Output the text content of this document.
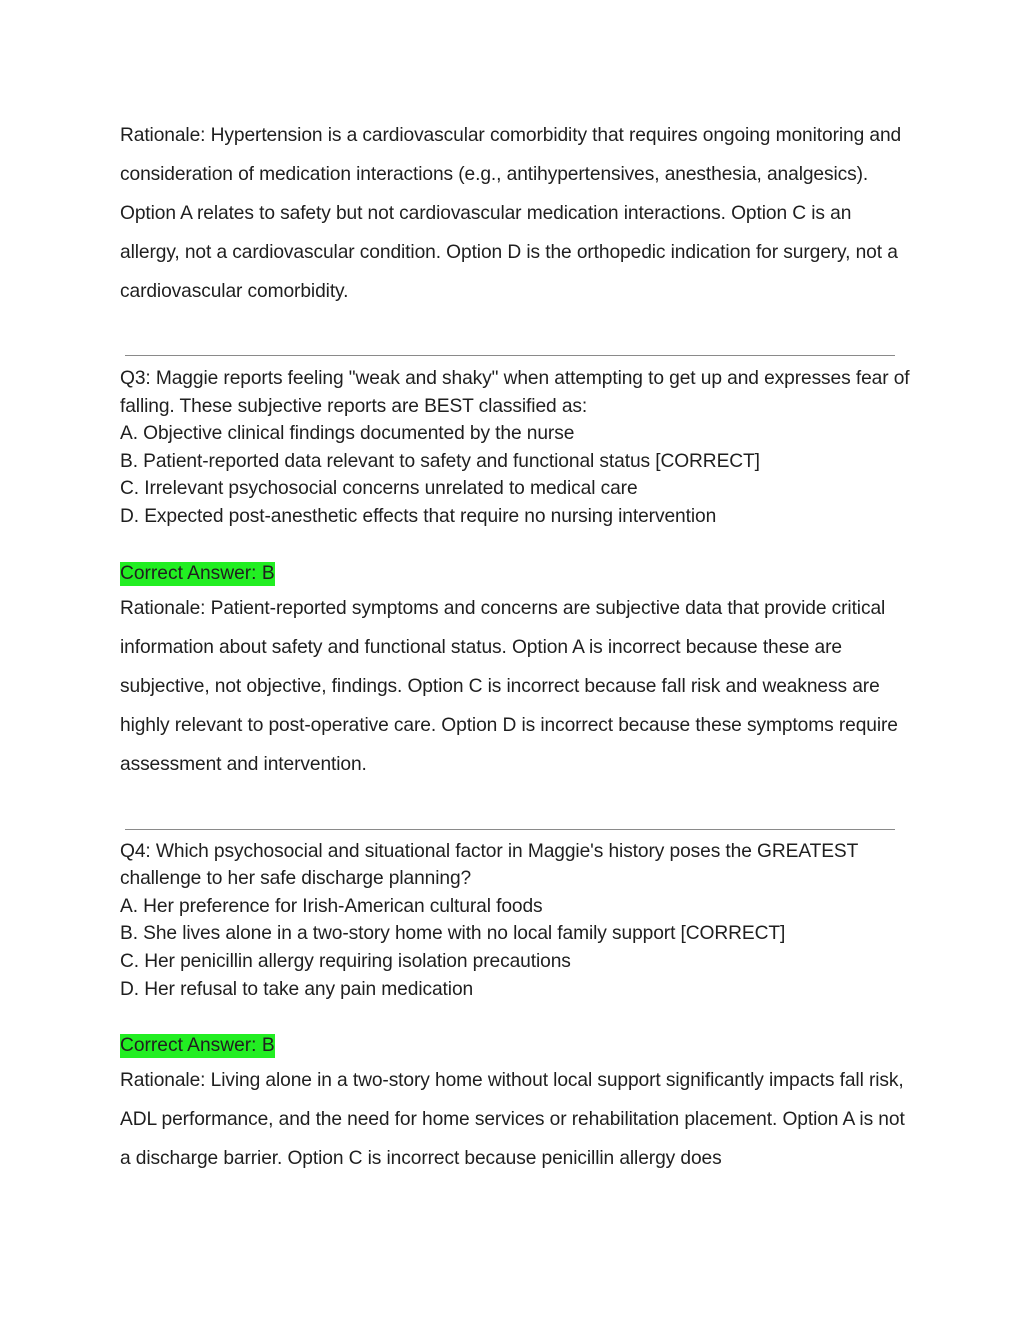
Rationale: Hypertension is a cardiovascular comorbidity that requires ongoing monitoring and consideration of medication interactions (e.g., antihypertensives, anesthesia, analgesics). Option A relates to safety but not cardiovascular medication interactions. Option C is an allergy, not a cardiovascular condition. Option D is the orthopedic indication for surgery, not a cardiovascular comorbidity.

Q3: Maggie reports feeling "weak and shaky" when attempting to get up and expresses fear of falling. These subjective reports are BEST classified as:

A. Objective clinical findings documented by the nurse
B. Patient-reported data relevant to safety and functional status [CORRECT]
C. Irrelevant psychosocial concerns unrelated to medical care
D. Expected post-anesthetic effects that require no nursing intervention
Correct Answer: B

Rationale: Patient-reported symptoms and concerns are subjective data that provide critical information about safety and functional status. Option A is incorrect because these are subjective, not objective, findings. Option C is incorrect because fall risk and weakness are highly relevant to post-operative care. Option D is incorrect because these symptoms require assessment and intervention.

Q4: Which psychosocial and situational factor in Maggie's history poses the GREATEST challenge to her safe discharge planning?

A. Her preference for Irish-American cultural foods
B. She lives alone in a two-story home with no local family support [CORRECT]
C. Her penicillin allergy requiring isolation precautions
D. Her refusal to take any pain medication
Correct Answer: B

Rationale: Living alone in a two-story home without local support significantly impacts fall risk, ADL performance, and the need for home services or rehabilitation placement. Option A is not a discharge barrier. Option C is incorrect because penicillin allergy does
